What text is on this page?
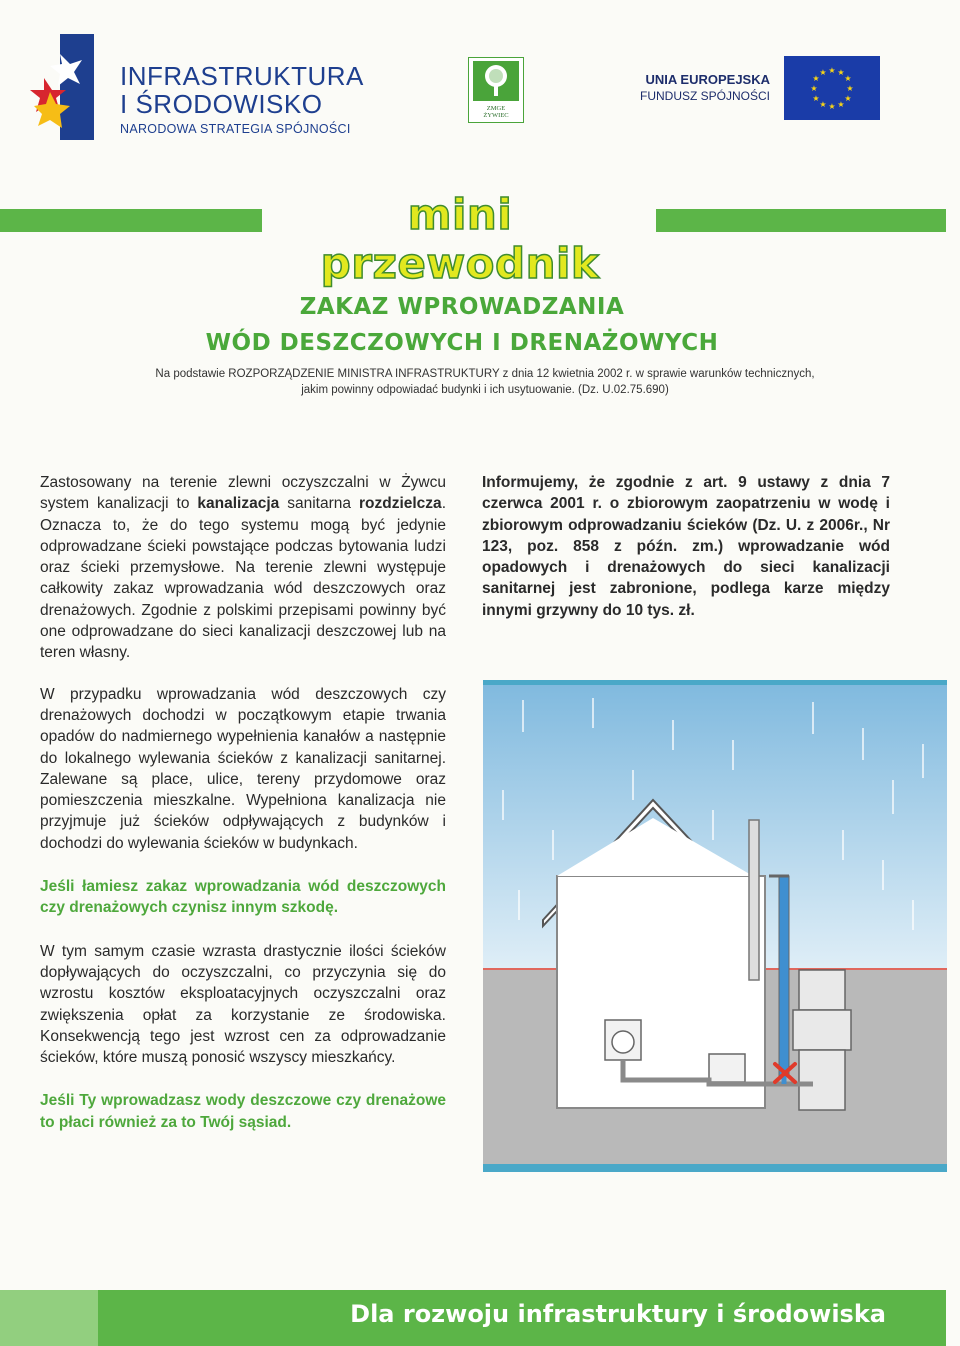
INFRASTRUKTURA
I ŚRODOWISKO
NARODOWA STRATEGIA SPÓJNOŚCI
ZMGE
ŻYWIEC
UNIA EUROPEJSKA
FUNDUSZ SPÓJNOŚCI
★ ★
★
★
★
★
★
★
★
★
★
★
mini przewodnik
ZAKAZ WPROWADZANIA
WÓD DESZCZOWYCH I DRENAŻOWYCH
Na podstawie ROZPORZĄDZENIE MINISTRA INFRASTRUKTURY z dnia 12 kwietnia 2002 r. w sprawie warunków technicznych,
jakim powinny odpowiadać budynki i ich usytuowanie. (Dz. U.02.75.690)

Zastosowany na terenie zlewni oczyszczalni w Żywcu system kanalizacji to kanalizacja sanitarna rozdzielcza. Oznacza to, że do tego systemu mogą być jedynie odprowadzane ścieki powstające podczas bytowania ludzi oraz ścieki przemysłowe. Na terenie zlewni występuje całkowity zakaz wprowadzania wód deszczowych oraz drenażowych. Zgodnie z polskimi przepisami powinny być one odprowadzane do sieci kanalizacji deszczowej lub na teren własny.

W przypadku wprowadzania wód deszczowych czy drenażowych dochodzi w początkowym etapie trwania opadów do nadmiernego wypełnienia kanałów a następnie do lokalnego wylewania ścieków z kanalizacji sanitarnej. Zalewane są place, ulice, tereny przydomowe oraz pomieszczenia mieszkalne. Wypełniona kanalizacja nie przyjmuje już ścieków odpływających z budynków i dochodzi do wylewania ścieków w budynkach.

Jeśli łamiesz zakaz wprowadzania wód deszczowych czy drenażowych czynisz innym szkodę.

W tym samym czasie wzrasta drastycznie ilości ścieków dopływających do oczyszczalni, co przyczynia się do wzrostu kosztów eksploatacyjnych oczyszczalni oraz zwiększenia opłat za korzystanie ze środowiska. Konsekwencją tego jest wzrost cen za odprowadzanie ścieków, które muszą ponosić wszyscy mieszkańcy.

Jeśli Ty wprowadzasz wody deszczowe czy drenażowe to płaci również za to Twój sąsiad.

Informujemy, że zgodnie z art. 9 ustawy z dnia 7 czerwca 2001 r. o zbiorowym zaopatrzeniu w wodę i zbiorowym odprowadzaniu ścieków (Dz. U. z 2006r., Nr 123, poz. 858 z późn. zm.) wprowadzanie wód opadowych i drenażowych do sieci kanalizacji sanitarnej jest zabronione, podlega karze między innymi grzywny do 10 tys. zł.
Dla rozwoju infrastruktury i środowiska
